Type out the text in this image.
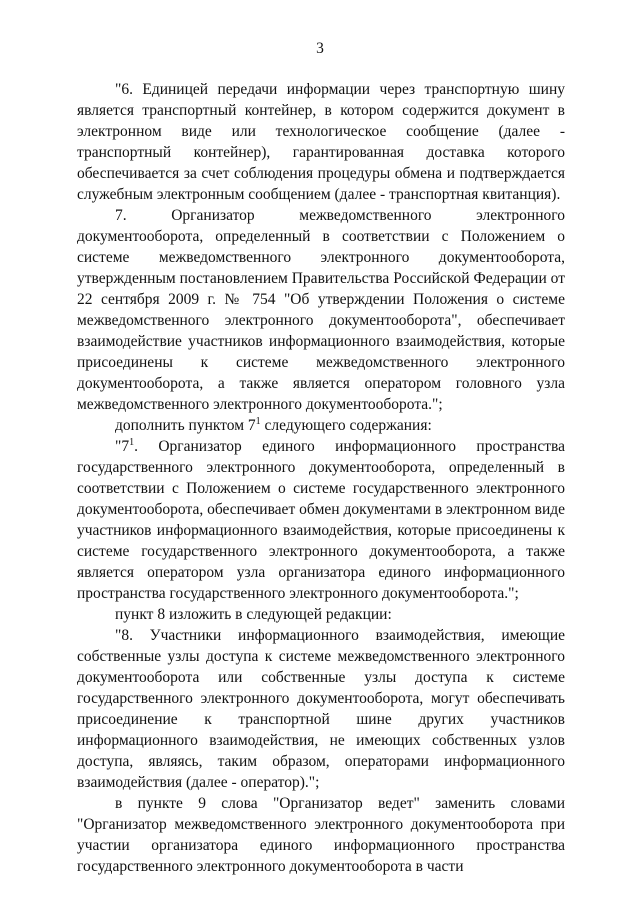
3

"6. Единицей передачи информации через транспортную шину является транспортный контейнер, в котором содержится документ в электронном виде или технологическое сообщение (далее - транспортный контейнер), гарантированная доставка которого обеспечивается за счет соблюдения процедуры обмена и подтверждается служебным электронным сообщением (далее - транспортная квитанция).

7. Организатор межведомственного электронного документооборота, определенный в соответствии с Положением о системе межведомственного электронного документооборота, утвержденным постановлением Правительства Российской Федерации от 22 сентября 2009 г. № 754 "Об утверждении Положения о системе межведомственного электронного документооборота", обеспечивает взаимодействие участников информационного взаимодействия, которые присоединены к системе межведомственного электронного документооборота, а также является оператором головного узла межведомственного электронного документооборота.";

дополнить пунктом $7^1$ следующего содержания:

"$7^1$. Организатор единого информационного пространства государственного электронного документооборота, определенный в соответствии с Положением о системе государственного электронного документооборота, обеспечивает обмен документами в электронном виде участников информационного взаимодействия, которые присоединены к системе государственного электронного документооборота, а также является оператором узла организатора единого информационного пространства государственного электронного документооборота.";

пункт 8 изложить в следующей редакции:

"8. Участники информационного взаимодействия, имеющие собственные узлы доступа к системе межведомственного электронного документооборота или собственные узлы доступа к системе государственного электронного документооборота, могут обеспечивать присоединение к транспортной шине других участников информационного взаимодействия, не имеющих собственных узлов доступа, являясь, таким образом, операторами информационного взаимодействия (далее - оператор).";

в пункте 9 слова "Организатор ведет" заменить словами "Организатор межведомственного электронного документооборота при участии организатора единого информационного пространства государственного электронного документооборота в части
